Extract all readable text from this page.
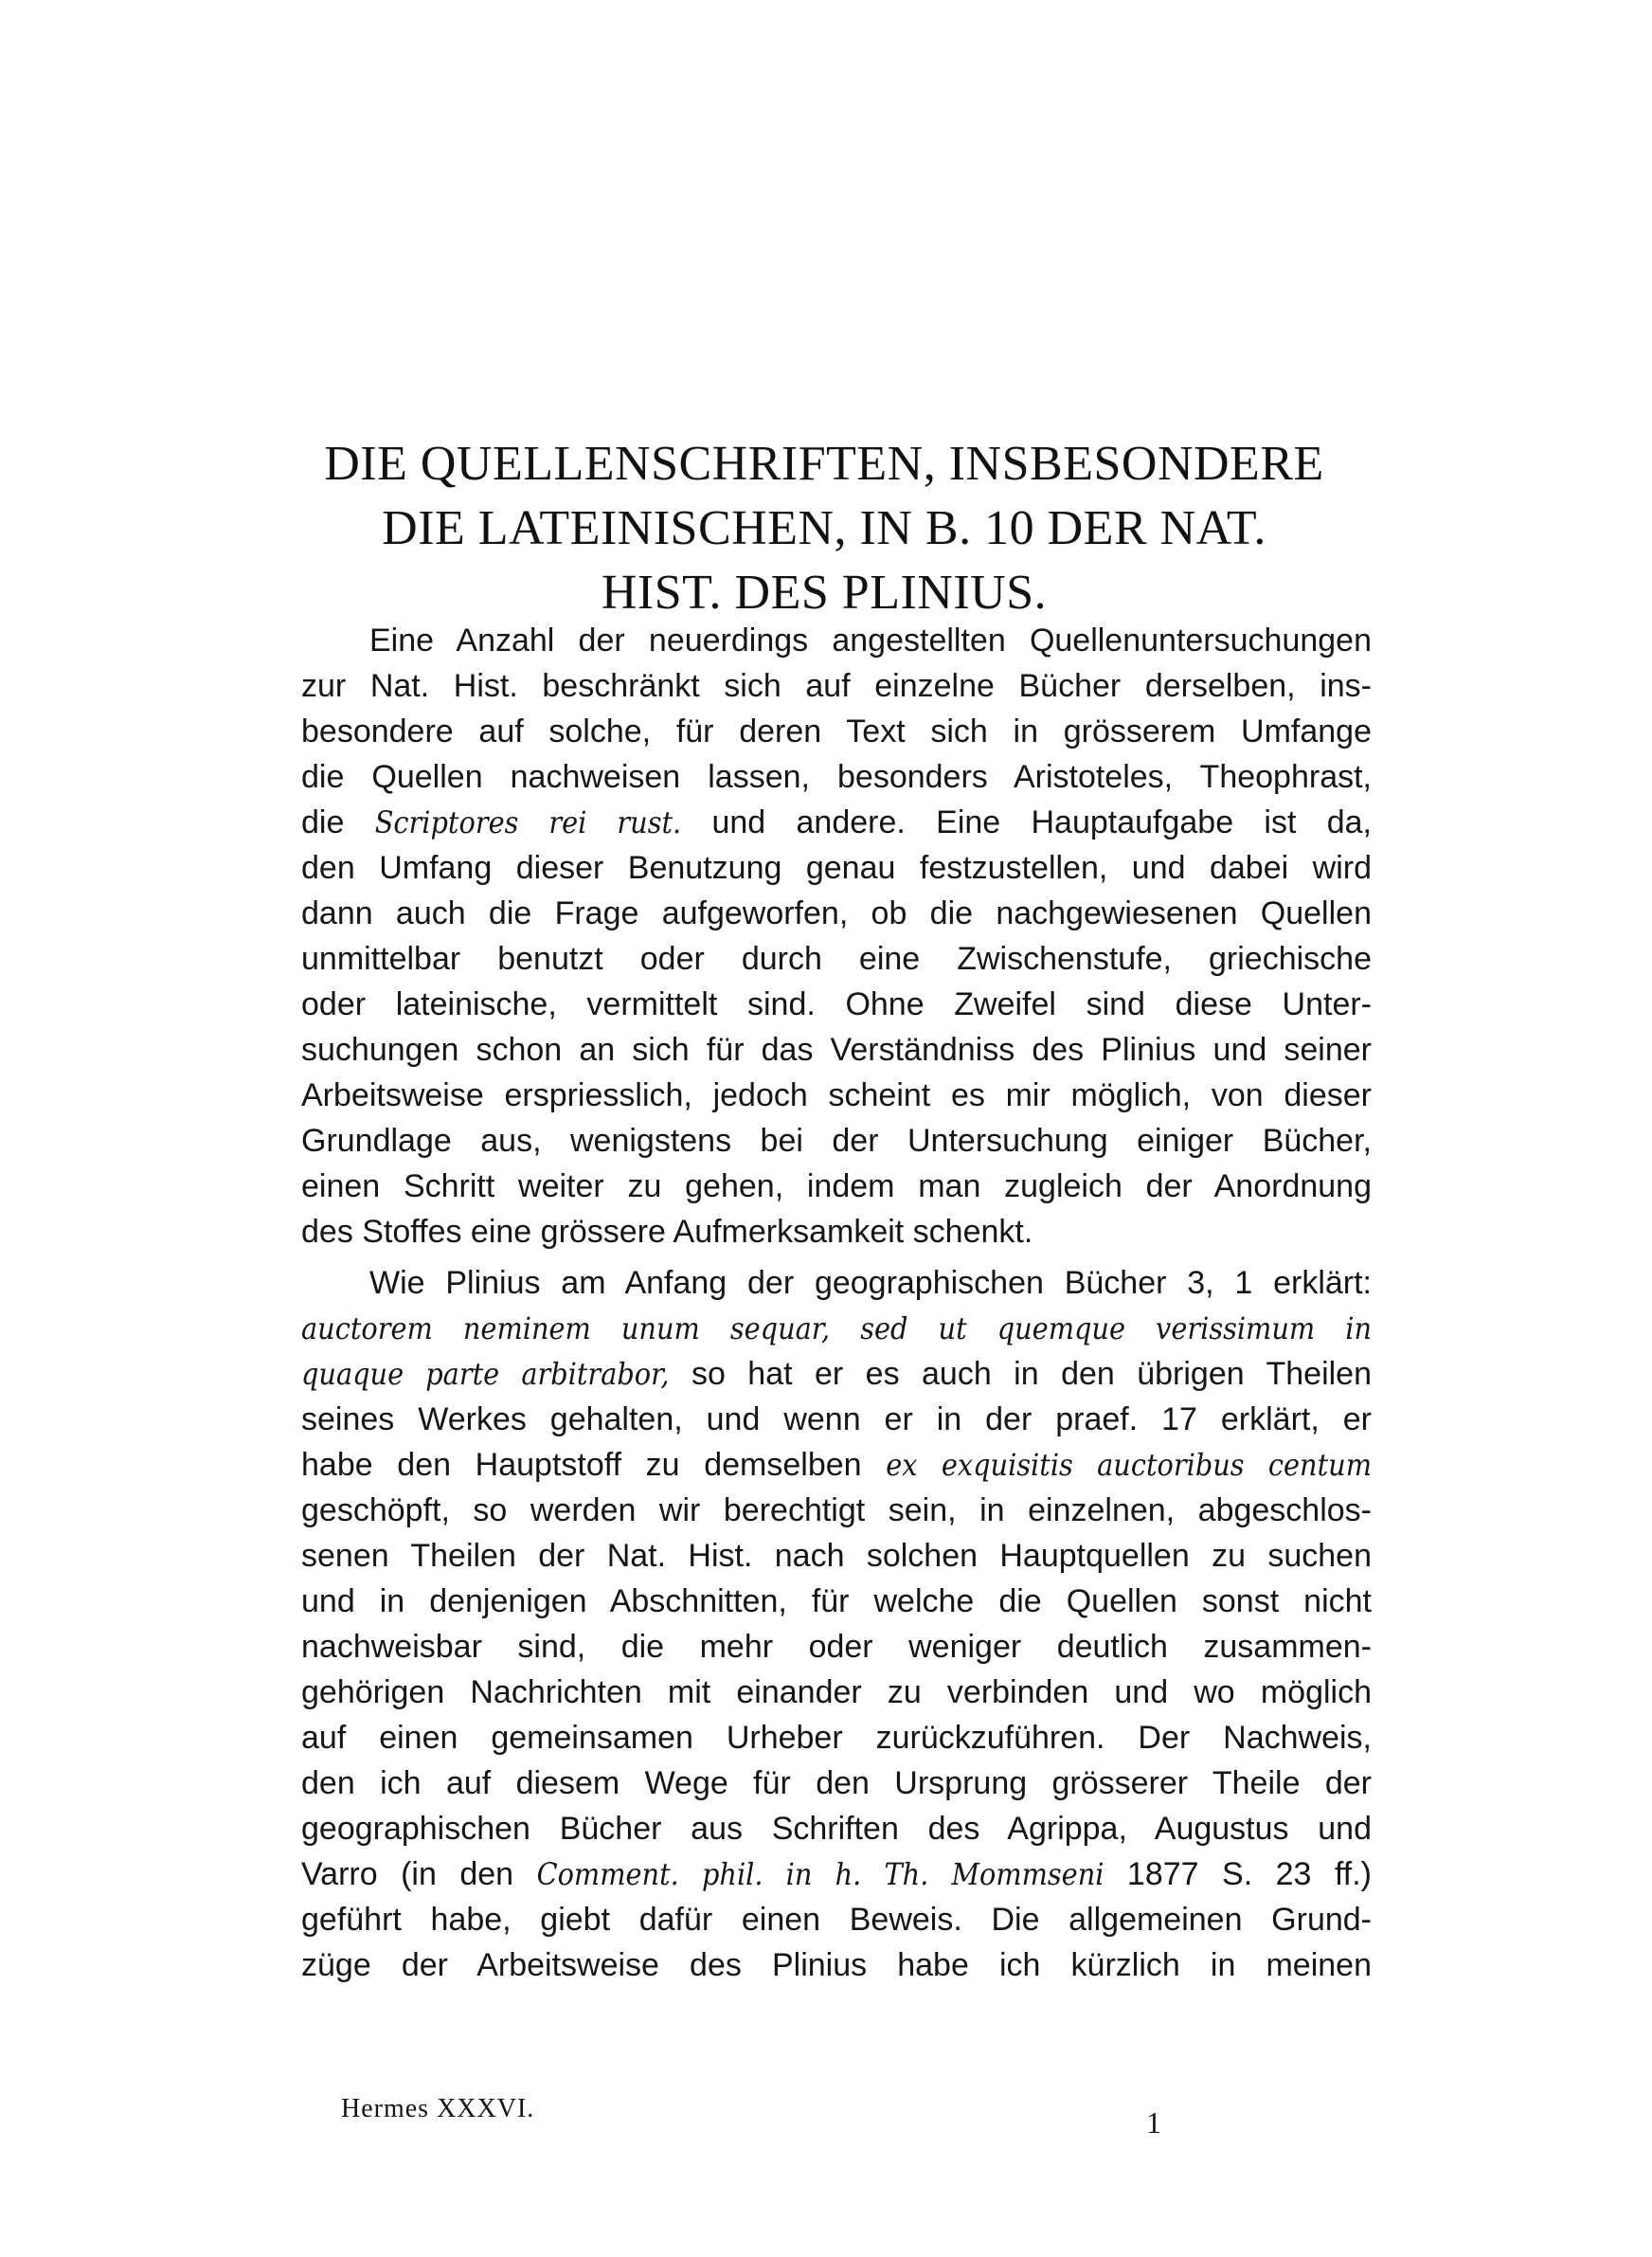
DIE QUELLENSCHRIFTEN, INSBESONDERE
DIE LATEINISCHEN, IN B. 10 DER NAT.
HIST. DES PLINIUS.
Eine Anzahl der neuerdings angestellten Quellenuntersuchungen
zur Nat. Hist. beschränkt sich auf einzelne Bücher derselben, ins-
besondere auf solche, für deren Text sich in grösserem Umfange
die Quellen nachweisen lassen, besonders Aristoteles, Theophrast,
die Scriptores rei rust. und andere. Eine Hauptaufgabe ist da,
den Umfang dieser Benutzung genau festzustellen, und dabei wird
dann auch die Frage aufgeworfen, ob die nachgewiesenen Quellen
unmittelbar benutzt oder durch eine Zwischenstufe, griechische
oder lateinische, vermittelt sind. Ohne Zweifel sind diese Unter-
suchungen schon an sich für das Verständniss des Plinius und seiner
Arbeitsweise erspriesslich, jedoch scheint es mir möglich, von dieser
Grundlage aus, wenigstens bei der Untersuchung einiger Bücher,
einen Schritt weiter zu gehen, indem man zugleich der Anordnung
des Stoffes eine grössere Aufmerksamkeit schenkt.
Wie Plinius am Anfang der geographischen Bücher 3, 1 erklärt:
auctorem neminem unum sequar, sed ut quemque verissimum in
quaque parte arbitrabor, so hat er es auch in den übrigen Theilen
seines Werkes gehalten, und wenn er in der praef. 17 erklärt, er
habe den Hauptstoff zu demselben ex exquisitis auctoribus centum
geschöpft, so werden wir berechtigt sein, in einzelnen, abgeschlos-
senen Theilen der Nat. Hist. nach solchen Hauptquellen zu suchen
und in denjenigen Abschnitten, für welche die Quellen sonst nicht
nachweisbar sind, die mehr oder weniger deutlich zusammen-
gehörigen Nachrichten mit einander zu verbinden und wo möglich
auf einen gemeinsamen Urheber zurückzuführen. Der Nachweis,
den ich auf diesem Wege für den Ursprung grösserer Theile der
geographischen Bücher aus Schriften des Agrippa, Augustus und
Varro (in den Comment. phil. in h. Th. Mommseni 1877 S. 23 ff.)
geführt habe, giebt dafür einen Beweis. Die allgemeinen Grund-
züge der Arbeitsweise des Plinius habe ich kürzlich in meinen
Hermes XXXVI.	1
